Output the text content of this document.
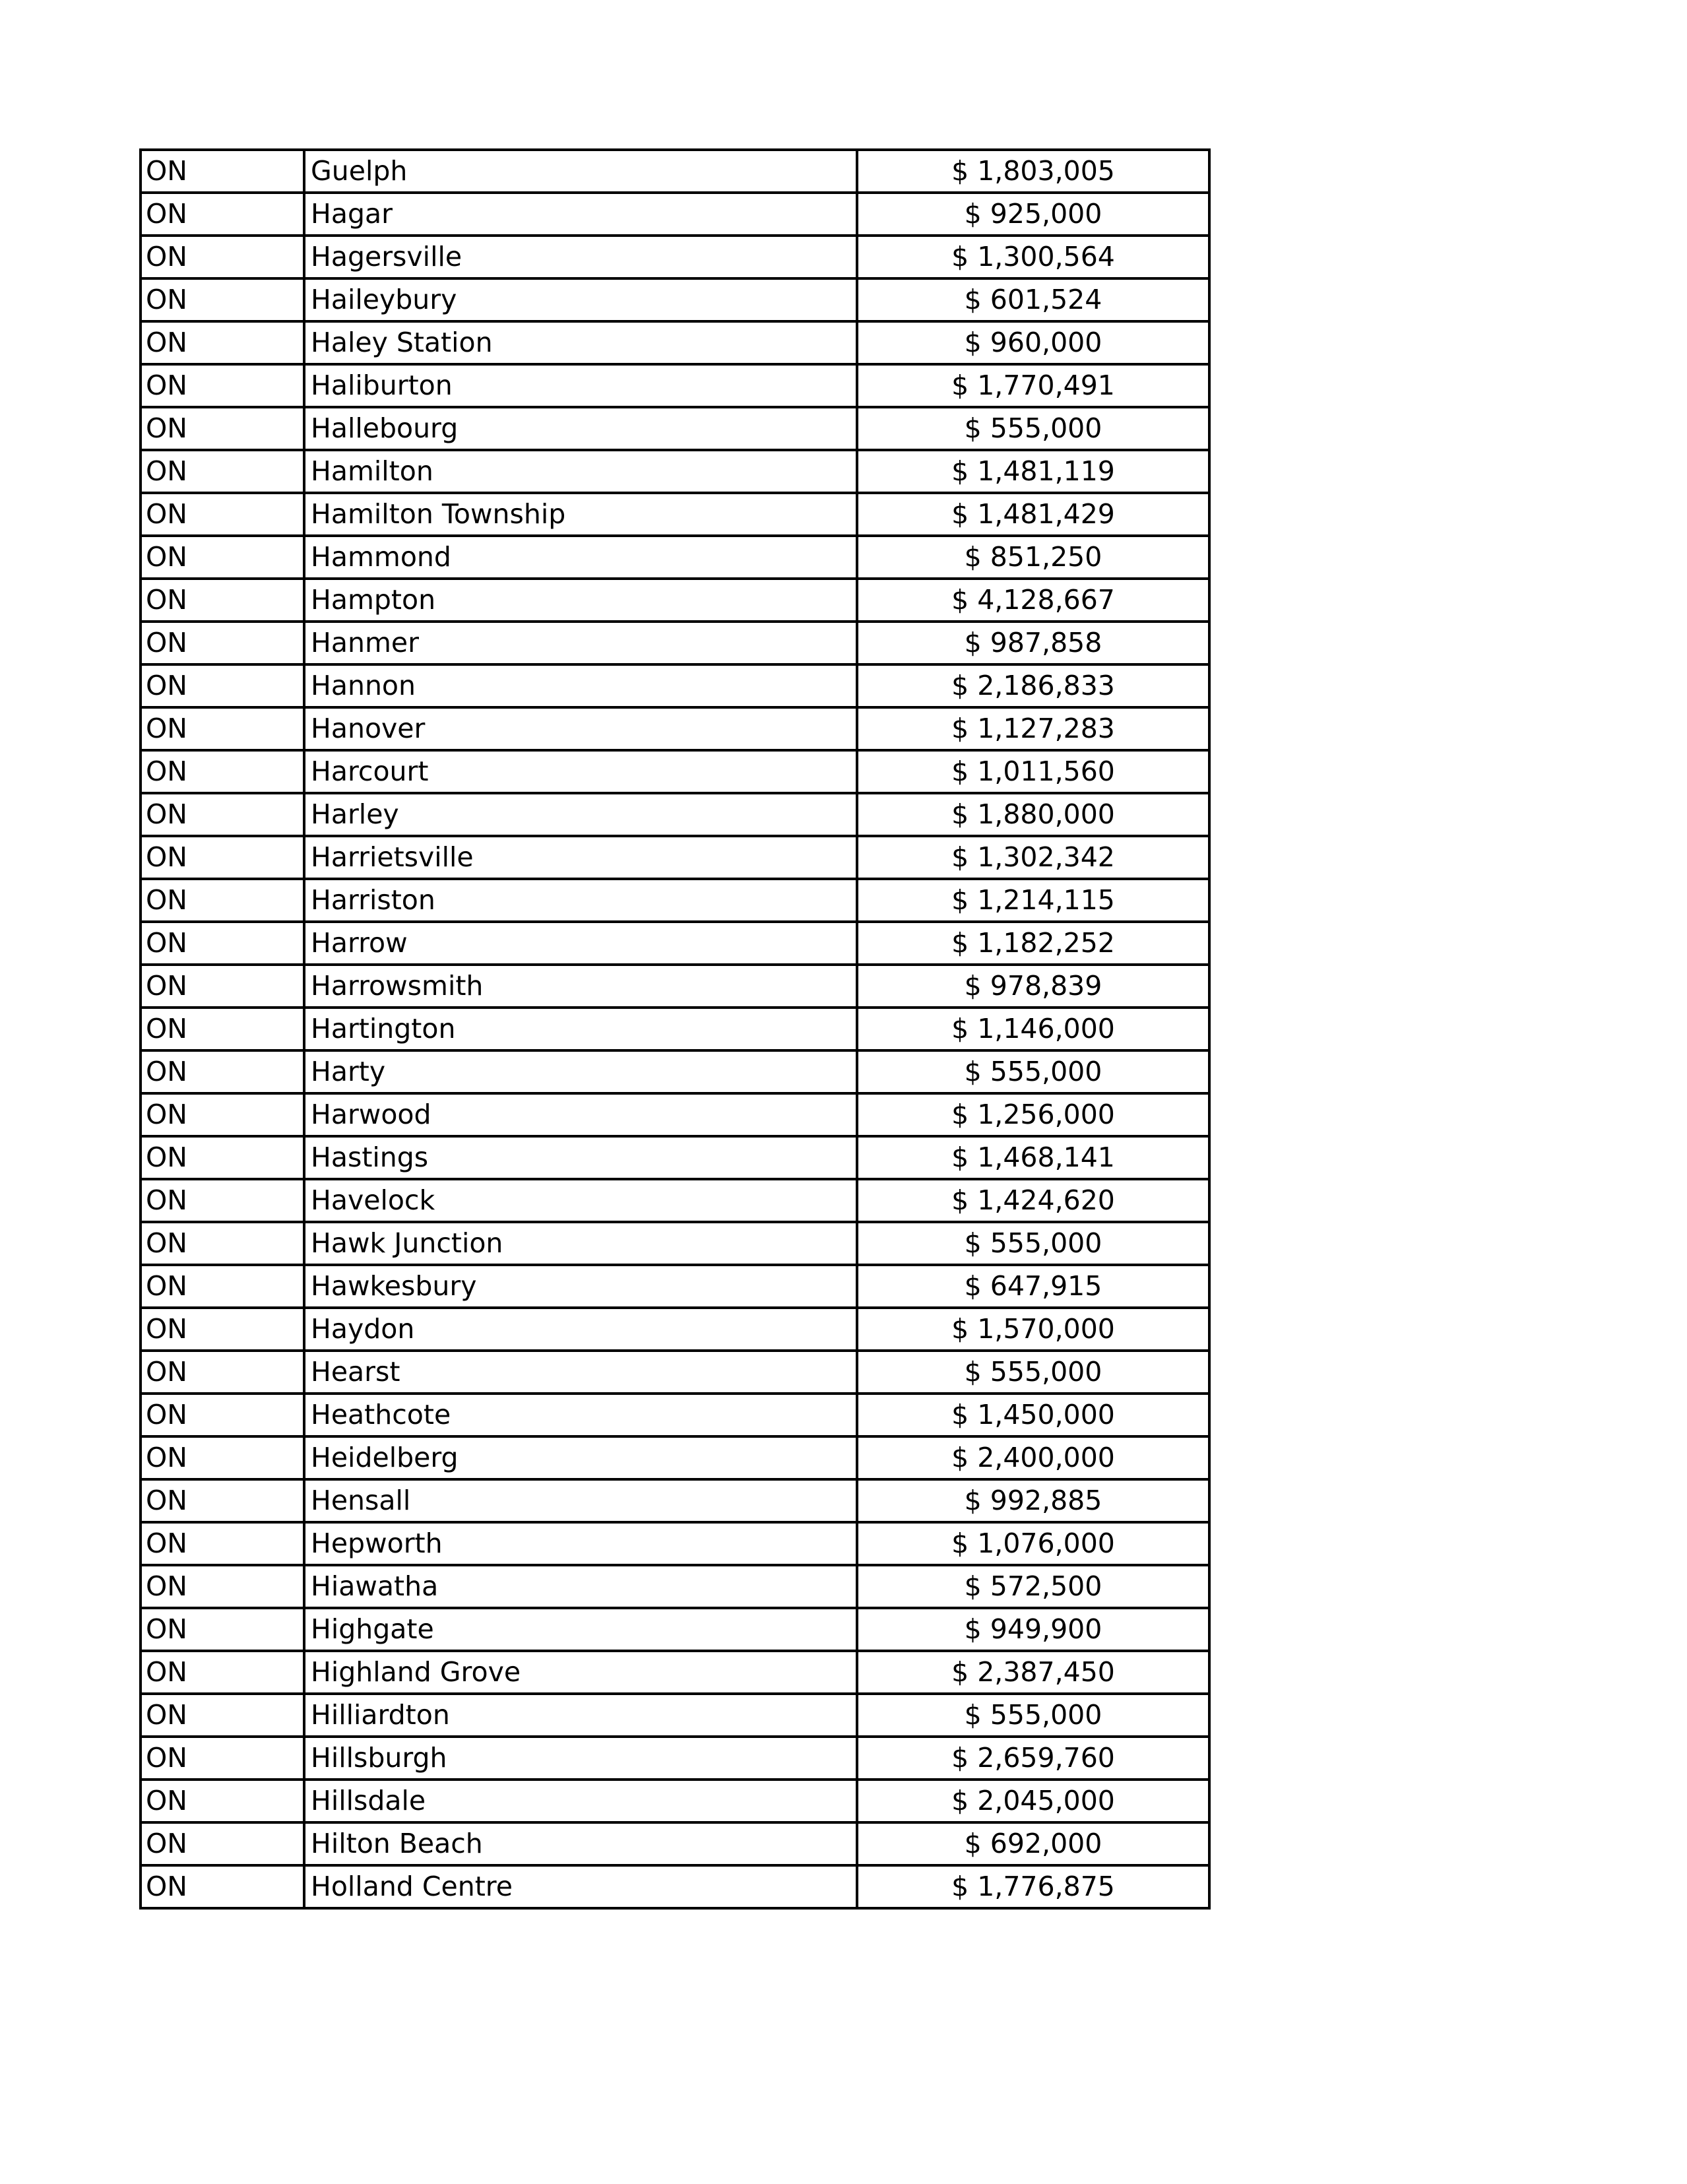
ON	Guelph	$ 1,803,005
ON	Hagar	$ 925,000
ON	Hagersville	$ 1,300,564
ON	Haileybury	$ 601,524
ON	Haley Station	$ 960,000
ON	Haliburton	$ 1,770,491
ON	Hallebourg	$ 555,000
ON	Hamilton	$ 1,481,119
ON	Hamilton Township	$ 1,481,429
ON	Hammond	$ 851,250
ON	Hampton	$ 4,128,667
ON	Hanmer	$ 987,858
ON	Hannon	$ 2,186,833
ON	Hanover	$ 1,127,283
ON	Harcourt	$ 1,011,560
ON	Harley	$ 1,880,000
ON	Harrietsville	$ 1,302,342
ON	Harriston	$ 1,214,115
ON	Harrow	$ 1,182,252
ON	Harrowsmith	$ 978,839
ON	Hartington	$ 1,146,000
ON	Harty	$ 555,000
ON	Harwood	$ 1,256,000
ON	Hastings	$ 1,468,141
ON	Havelock	$ 1,424,620
ON	Hawk Junction	$ 555,000
ON	Hawkesbury	$ 647,915
ON	Haydon	$ 1,570,000
ON	Hearst	$ 555,000
ON	Heathcote	$ 1,450,000
ON	Heidelberg	$ 2,400,000
ON	Hensall	$ 992,885
ON	Hepworth	$ 1,076,000
ON	Hiawatha	$ 572,500
ON	Highgate	$ 949,900
ON	Highland Grove	$ 2,387,450
ON	Hilliardton	$ 555,000
ON	Hillsburgh	$ 2,659,760
ON	Hillsdale	$ 2,045,000
ON	Hilton Beach	$ 692,000
ON	Holland Centre	$ 1,776,875
